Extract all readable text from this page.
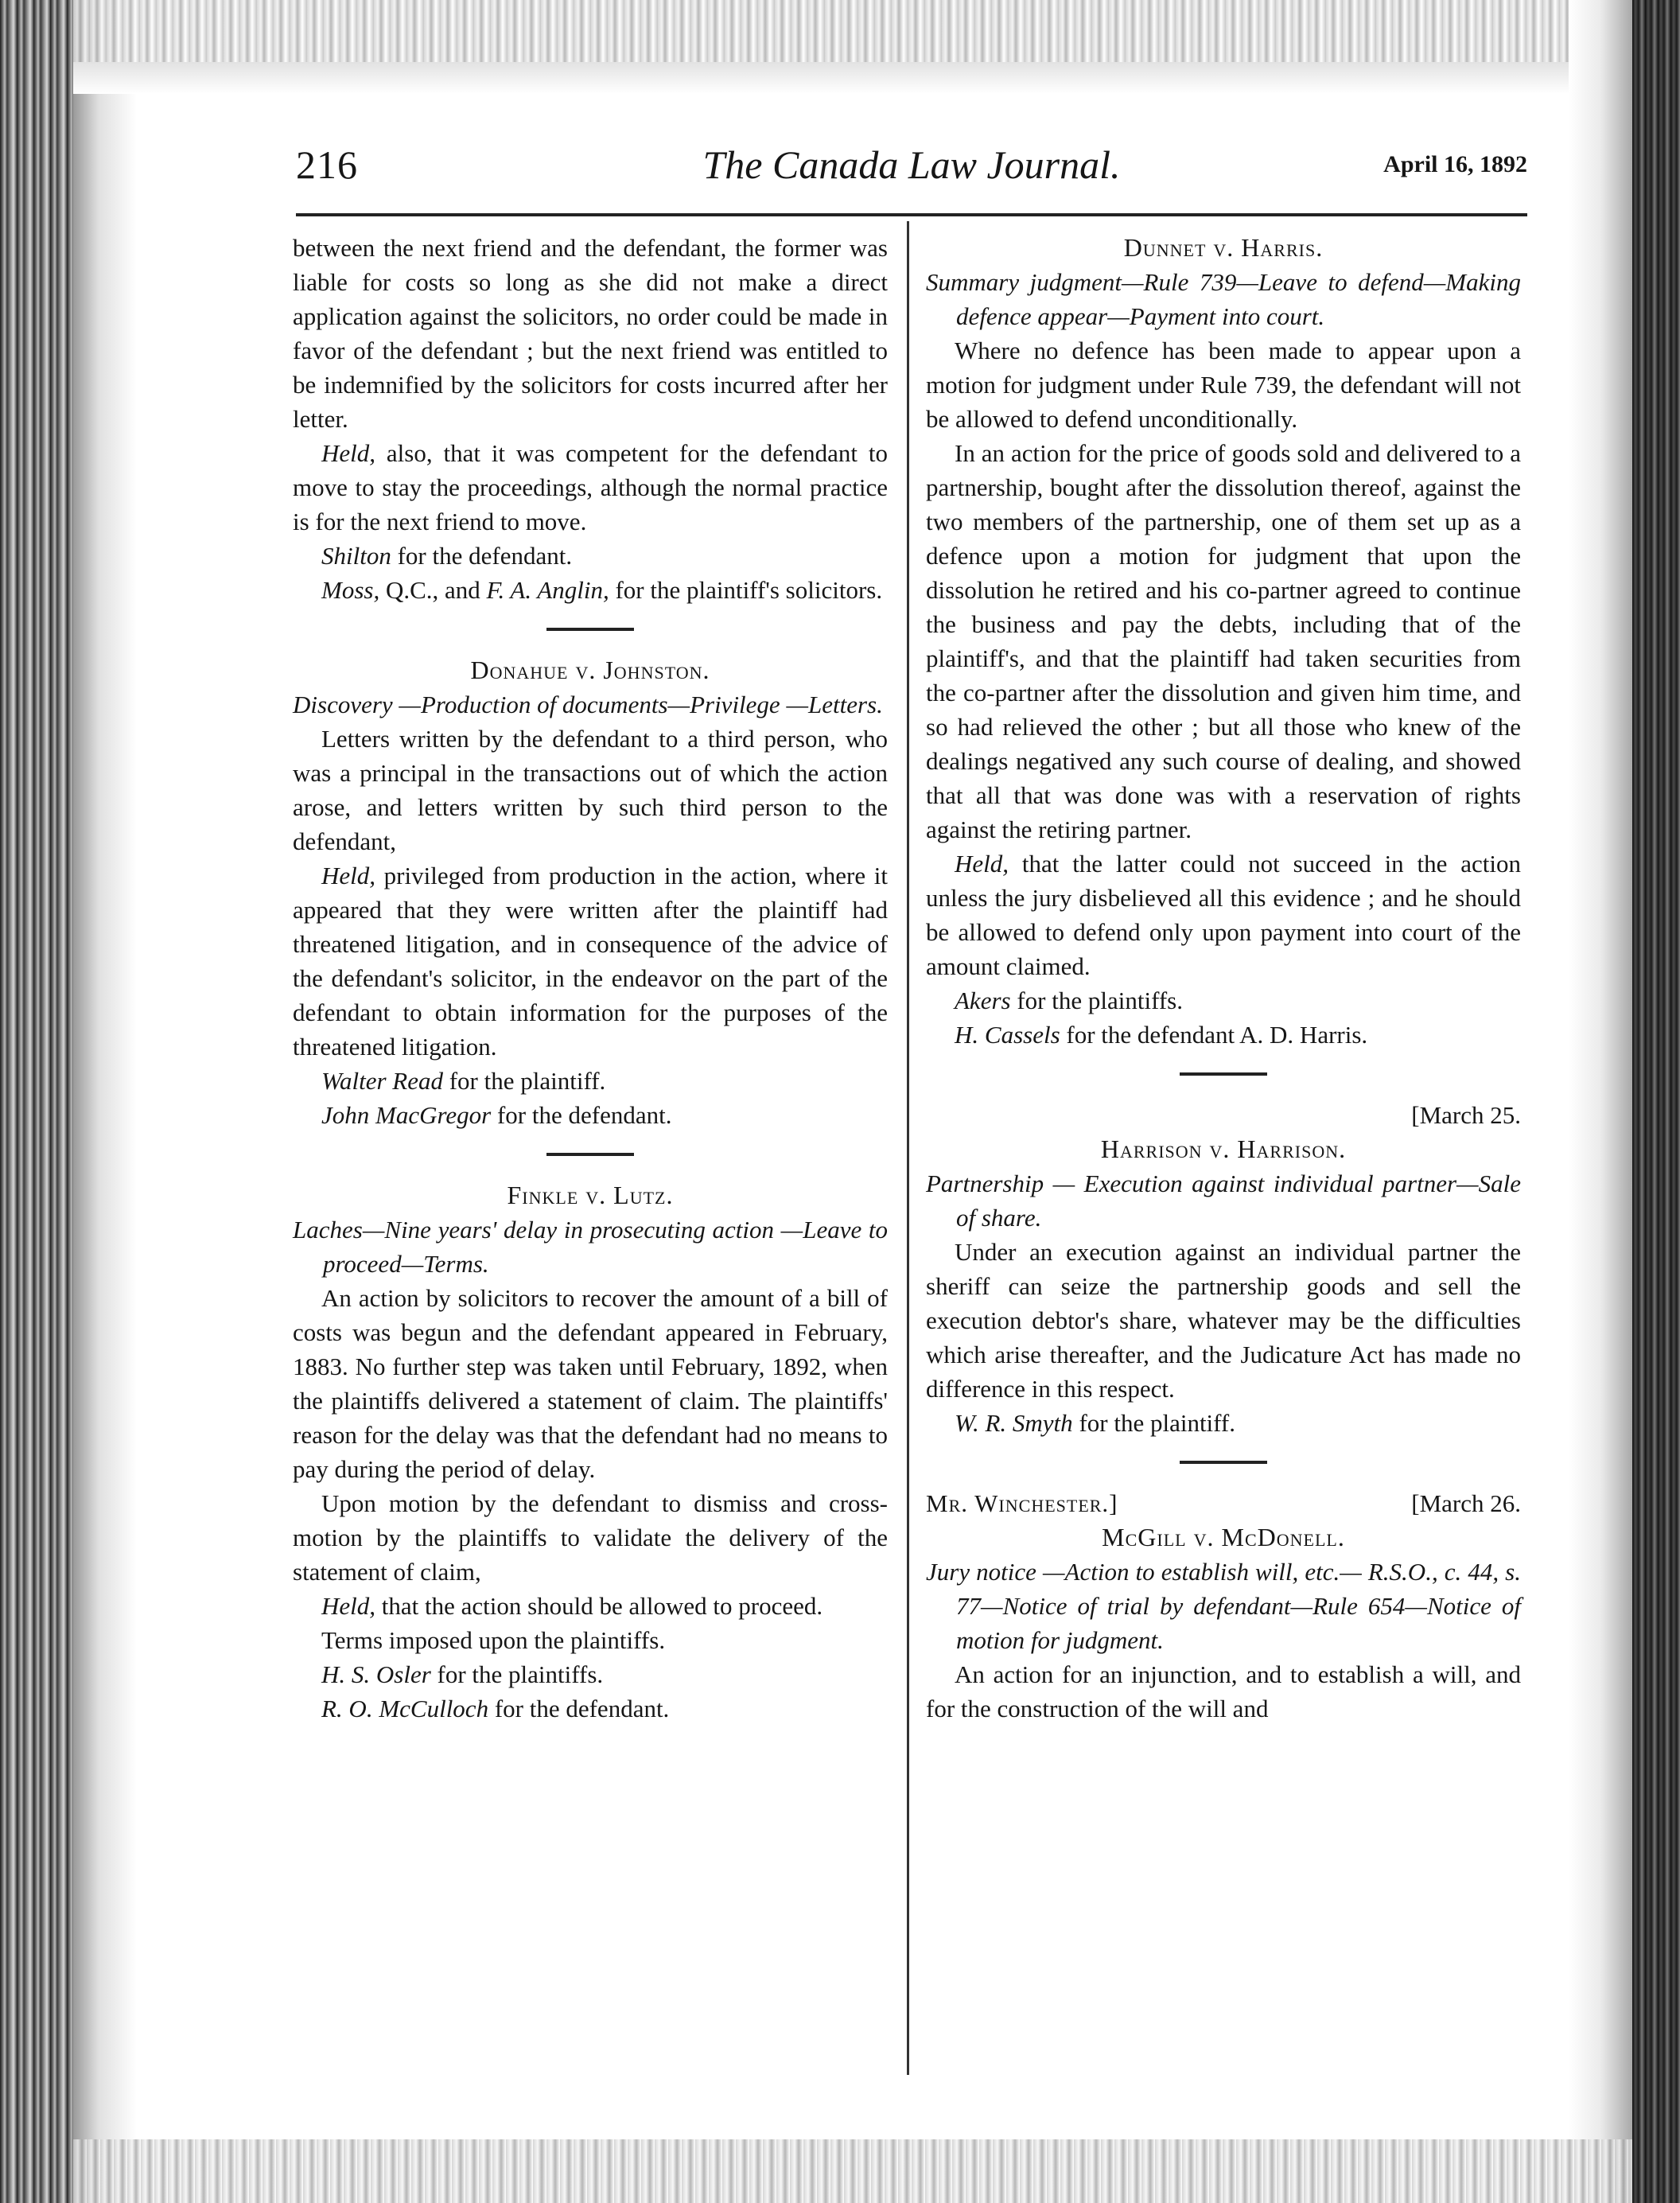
216	The Canada Law Journal.	April 16, 1892

between the next friend and the defendant, the former was liable for costs so long as she did not make a direct application against the solicitors, no order could be made in favor of the defendant ; but the next friend was entitled to be indemnified by the solicitors for costs incurred after her letter.

Held, also, that it was competent for the defendant to move to stay the proceedings, although the normal practice is for the next friend to move.

Shilton for the defendant.

Moss, Q.C., and F. A. Anglin, for the plaintiff's solicitors.

Donahue v. Johnston.

Discovery —Production of documents—Privilege —Letters.

Letters written by the defendant to a third person, who was a principal in the transactions out of which the action arose, and letters written by such third person to the defendant,

Held, privileged from production in the action, where it appeared that they were written after the plaintiff had threatened litigation, and in consequence of the advice of the defendant's solicitor, in the endeavor on the part of the defendant to obtain information for the purposes of the threatened litigation.

Walter Read for the plaintiff.

John MacGregor for the defendant.

Finkle v. Lutz.

Laches—Nine years' delay in prosecuting action —Leave to proceed—Terms.

An action by solicitors to recover the amount of a bill of costs was begun and the defendant appeared in February, 1883. No further step was taken until February, 1892, when the plaintiffs delivered a statement of claim. The plaintiffs' reason for the delay was that the defendant had no means to pay during the period of delay.

Upon motion by the defendant to dismiss and cross-motion by the plaintiffs to validate the delivery of the statement of claim,

Held, that the action should be allowed to proceed.

Terms imposed upon the plaintiffs.

H. S. Osler for the plaintiffs.

R. O. McCulloch for the defendant.

Dunnet v. Harris.

Summary judgment—Rule 739—Leave to defend—Making defence appear—Payment into court.

Where no defence has been made to appear upon a motion for judgment under Rule 739, the defendant will not be allowed to defend unconditionally.

In an action for the price of goods sold and delivered to a partnership, bought after the dissolution thereof, against the two members of the partnership, one of them set up as a defence upon a motion for judgment that upon the dissolution he retired and his co-partner agreed to continue the business and pay the debts, including that of the plaintiff's, and that the plaintiff had taken securities from the co-partner after the dissolution and given him time, and so had relieved the other ; but all those who knew of the dealings negatived any such course of dealing, and showed that all that was done was with a reservation of rights against the retiring partner.

Held, that the latter could not succeed in the action unless the jury disbelieved all this evidence ; and he should be allowed to defend only upon payment into court of the amount claimed.

Akers for the plaintiffs.

H. Cassels for the defendant A. D. Harris.

[March 25.

Harrison v. Harrison.

Partnership — Execution against individual partner—Sale of share.

Under an execution against an individual partner the sheriff can seize the partnership goods and sell the execution debtor's share, whatever may be the difficulties which arise thereafter, and the Judicature Act has made no difference in this respect.

W. R. Smyth for the plaintiff.

Mr. Winchester.]	[March 26.

McGill v. McDonell.

Jury notice —Action to establish will, etc.— R.S.O., c. 44, s. 77—Notice of trial by defendant—Rule 654—Notice of motion for judgment.

An action for an injunction, and to establish a will, and for the construction of the will and
